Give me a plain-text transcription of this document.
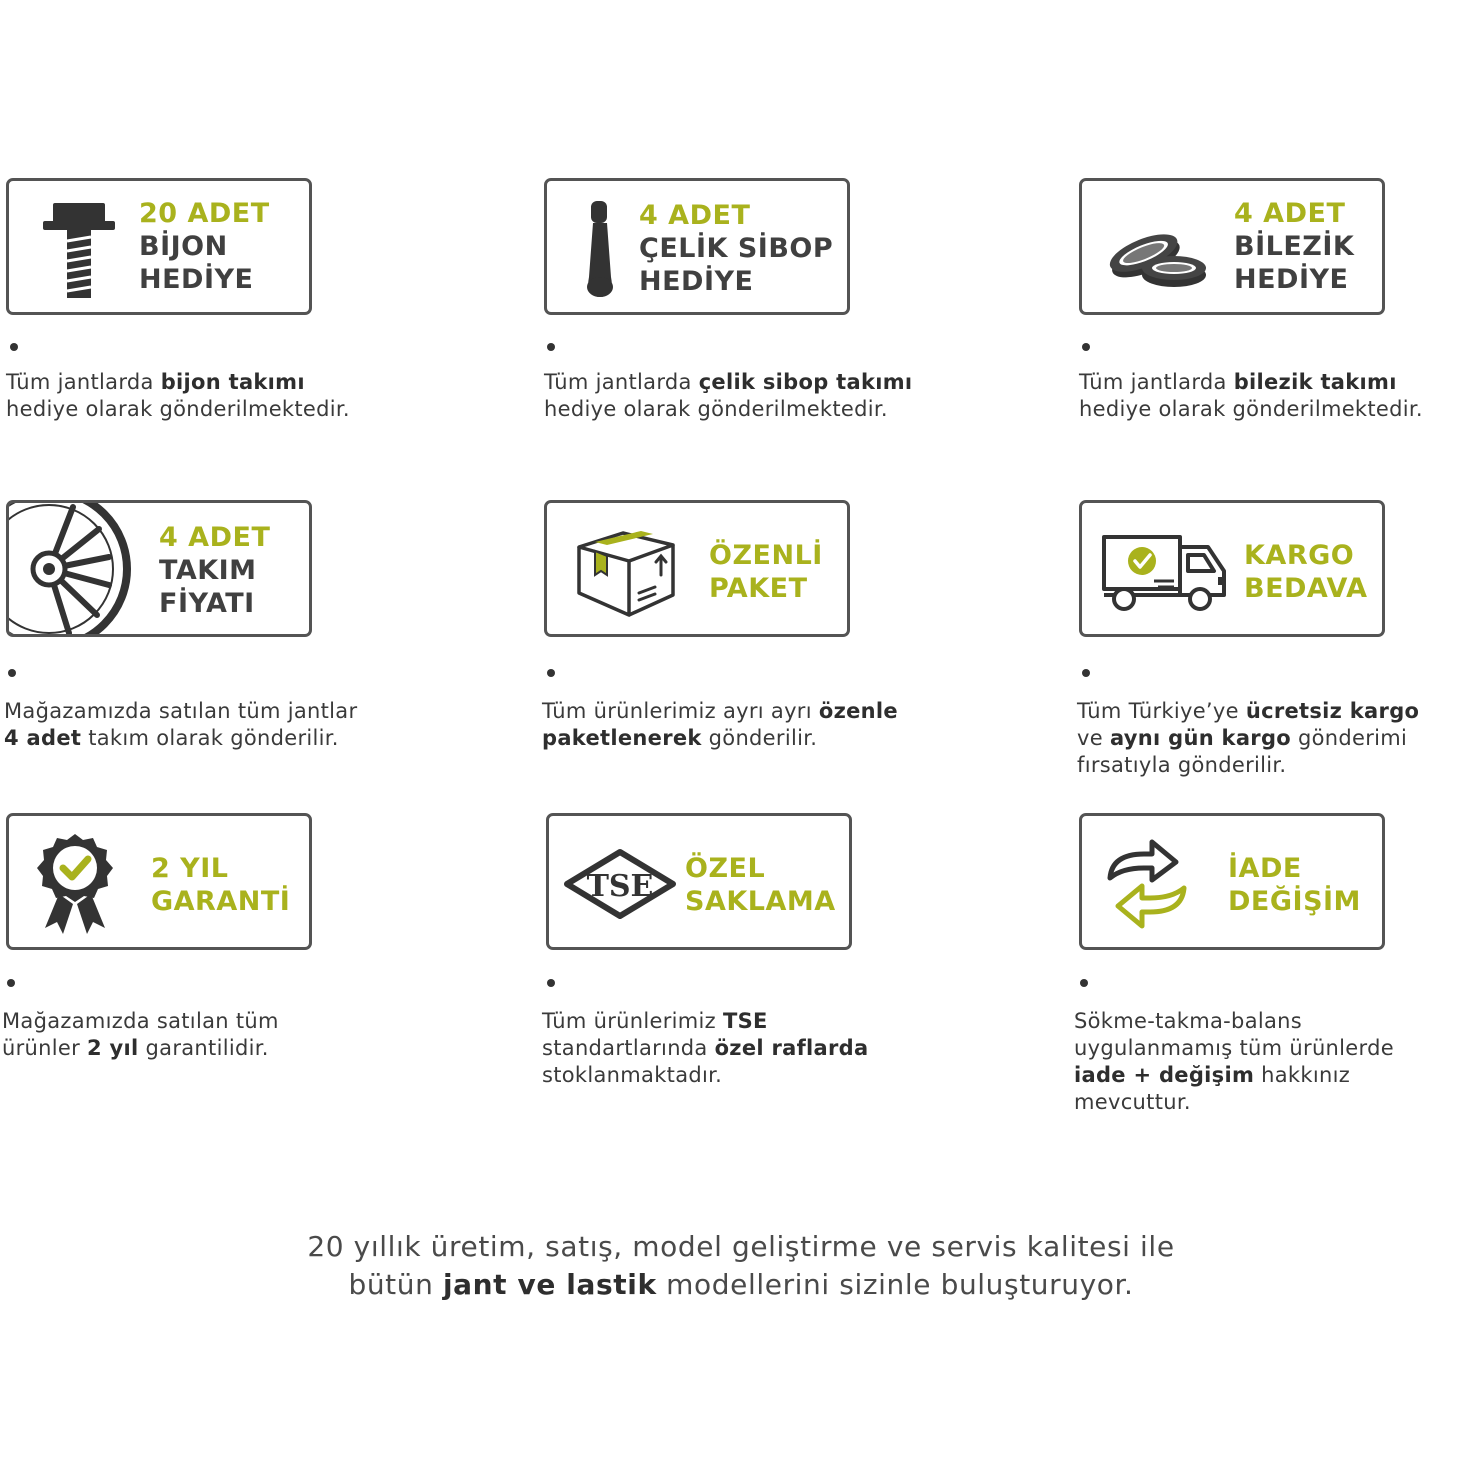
20 ADET
BİJON
HEDİYE
Tüm jantlarda bijon takımı
hediye olarak gönderilmektedir.
4 ADET
ÇELİK SİBOP
HEDİYE
Tüm jantlarda çelik sibop takımı
hediye olarak gönderilmektedir.
4 ADET
BİLEZİK
HEDİYE
Tüm jantlarda bilezik takımı
hediye olarak gönderilmektedir.
4 ADET
TAKIM
FİYATI
Mağazamızda satılan tüm jantlar
4 adet takım olarak gönderilir.
ÖZENLİ
PAKET
Tüm ürünlerimiz ayrı ayrı özenle
paketlenerek gönderilir.
KARGO
BEDAVA
Tüm Türkiye’ye ücretsiz kargo
ve aynı gün kargo gönderimi
fırsatıyla gönderilir.
2 YIL
GARANTİ
Mağazamızda satılan tüm
ürünler 2 yıl garantilidir.
TSE
ÖZEL
SAKLAMA
Tüm ürünlerimiz TSE
standartlarında özel raflarda
stoklanmaktadır.
İADE
DEĞİŞİM
Sökme-takma-balans
uygulanmamış tüm ürünlerde
iade + değişim hakkınız
mevcuttur.
20 yıllık üretim, satış, model geliştirme ve servis kalitesi ile
bütün jant ve lastik modellerini sizinle buluşturuyor.
